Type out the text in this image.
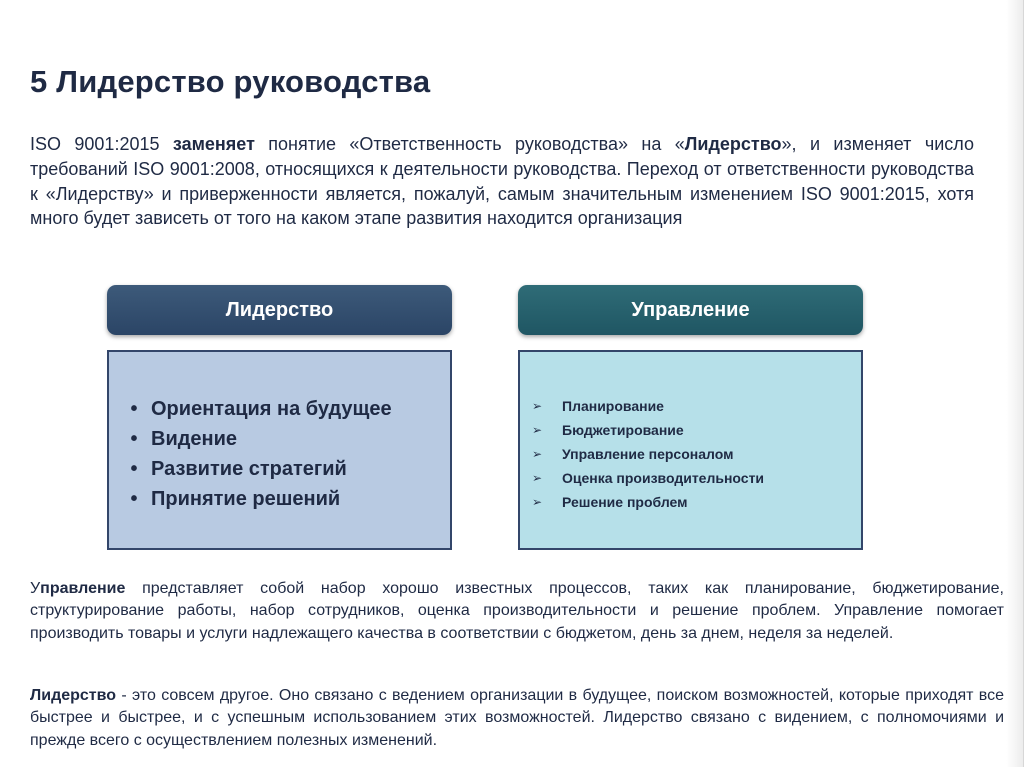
5 Лидерство руководства

ISO 9001:2015 заменяет понятие «Ответственность руководства» на «Лидерство», и изменяет число требований ISO 9001:2008, относящихся к деятельности руководства. Переход от ответственности руководства к «Лидерству» и приверженности является, пожалуй, самым значительным изменением ISO 9001:2015, хотя много будет зависеть от того на каком этапе развития находится организация

Лидерство	Управление
• Ориентация на будущее
• Видение
• Развитие стратегий
• Принятие решений
➢	Планирование
➢	Бюджетирование
➢	Управление персоналом
➢	Оценка производительности
➢	Решение проблем

Управление представляет собой набор хорошо известных процессов, таких как планирование, бюджетирование, структурирование работы, набор сотрудников, оценка производительности и решение проблем. Управление помогает производить товары и услуги надлежащего качества в соответствии с бюджетом, день за днем, неделя за неделей.

Лидерство - это совсем другое. Оно связано с ведением организации в будущее, поиском возможностей, которые приходят все быстрее и быстрее, и с успешным использованием этих возможностей. Лидерство связано с видением, с полномочиями и прежде всего с осуществлением полезных изменений.
